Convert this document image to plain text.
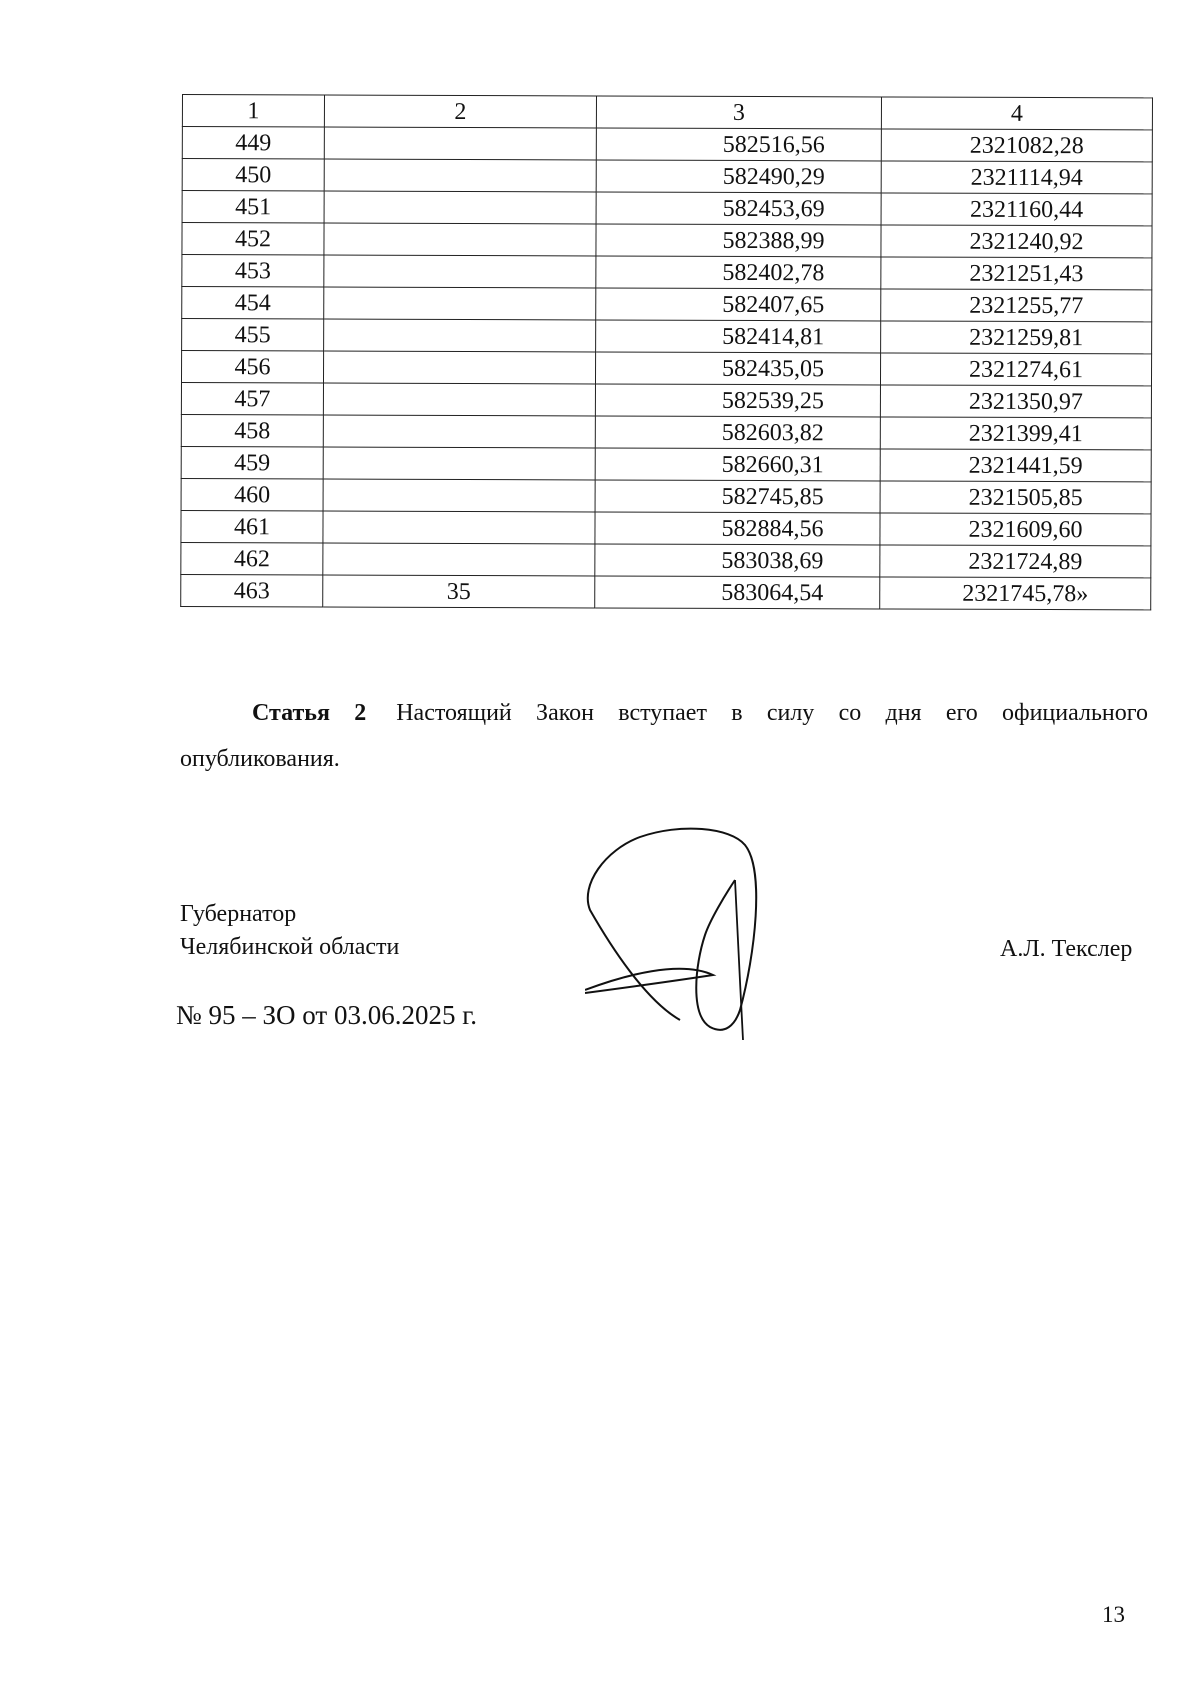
1	2	3	4
449		582516,56	2321082,28
450		582490,29	2321114,94
451		582453,69	2321160,44
452		582388,99	2321240,92
453		582402,78	2321251,43
454		582407,65	2321255,77
455		582414,81	2321259,81
456		582435,05	2321274,61
457		582539,25	2321350,97
458		582603,82	2321399,41
459		582660,31	2321441,59
460		582745,85	2321505,85
461		582884,56	2321609,60
462		583038,69	2321724,89
463	35	583064,54	2321745,78»
Статья 2 Настоящий Закон вступает в силу со дня его официального
опубликования.
Губернатор
Челябинской области	А.Л. Текслер
№ 95 – ЗО от 03.06.2025 г.
13
